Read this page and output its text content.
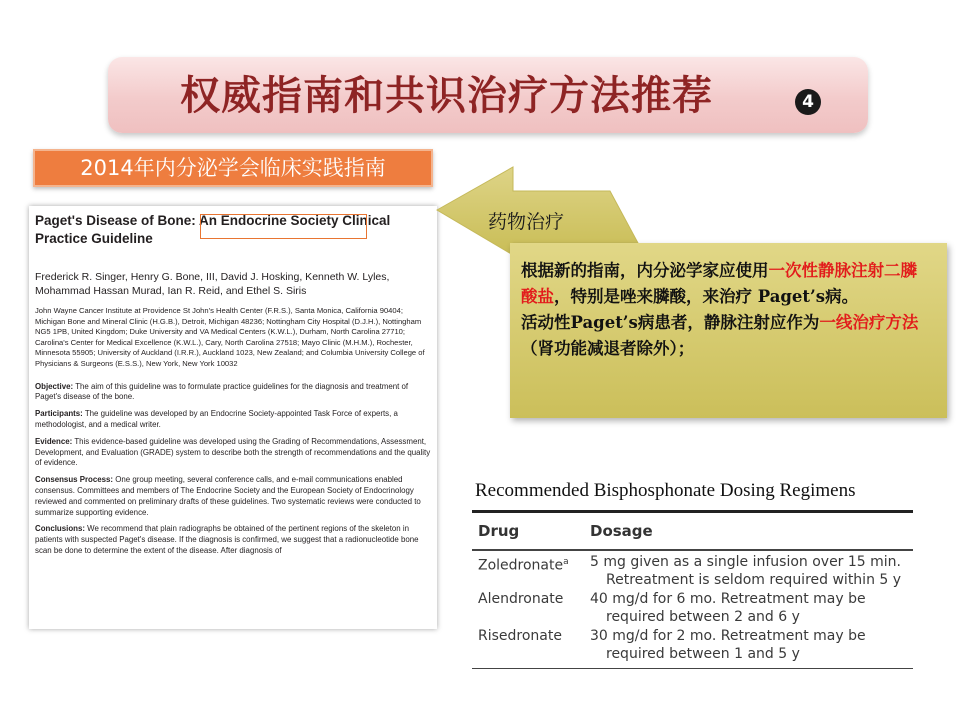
权威指南和共识治疗方法推荐	4
2014年内分泌学会临床实践指南
Paget's Disease of Bone: An Endocrine Society Clinical Practice Guideline
Frederick R. Singer, Henry G. Bone, III, David J. Hosking, Kenneth W. Lyles, Mohammad Hassan Murad, Ian R. Reid, and Ethel S. Siris
John Wayne Cancer Institute at Providence St John's Health Center (F.R.S.), Santa Monica, California 90404; Michigan Bone and Mineral Clinic (H.G.B.), Detroit, Michigan 48236; Nottingham City Hospital (D.J.H.), Nottingham NG5 1PB, United Kingdom; Duke University and VA Medical Centers (K.W.L.), Durham, North Carolina 27710; Carolina's Center for Medical Excellence (K.W.L.), Cary, North Carolina 27518; Mayo Clinic (M.H.M.), Rochester, Minnesota 55905; University of Auckland (I.R.R.), Auckland 1023, New Zealand; and Columbia University College of Physicians & Surgeons (E.S.S.), New York, New York 10032
Objective: The aim of this guideline was to formulate practice guidelines for the diagnosis and treatment of Paget's disease of the bone.
Participants: The guideline was developed by an Endocrine Society-appointed Task Force of experts, a methodologist, and a medical writer.
Evidence: This evidence-based guideline was developed using the Grading of Recommendations, Assessment, Development, and Evaluation (GRADE) system to describe both the strength of recommendations and the quality of evidence.
Consensus Process: One group meeting, several conference calls, and e-mail communications enabled consensus. Committees and members of The Endocrine Society and the European Society of Endocrinology reviewed and commented on preliminary drafts of these guidelines. Two systematic reviews were conducted to summarize supporting evidence.
Conclusions: We recommend that plain radiographs be obtained of the pertinent regions of the skeleton in patients with suspected Paget's disease. If the diagnosis is confirmed, we suggest that a radionucleotide bone scan be done to determine the extent of the disease. After diagnosis of
药物治疗
根据新的指南，内分泌学家应使用一次性静脉注射二膦酸盐，特别是唑来膦酸，来治疗 Paget’s病。
活动性Paget’s病患者，静脉注射应作为一线治疗方法（肾功能减退者除外）；
Recommended Bisphosphonate Dosing Regimens
Drug	Dosage
Zoledronate$^a$	5 mg given as a single infusion over 15 min.
Retreatment is seldom required within 5 y
Alendronate	40 mg/d for 6 mo. Retreatment may be
required between 2 and 6 y
Risedronate	30 mg/d for 2 mo. Retreatment may be
required between 1 and 5 y
